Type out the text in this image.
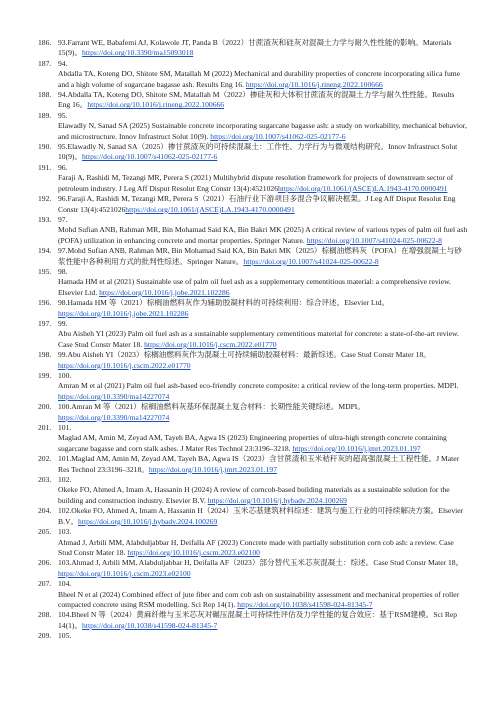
186. 93.Farrant WE, Babafemi AJ, Kolawole JT, Panda B（2022）甘蔗渣灰和硅灰对混凝土力学与耐久性性能的影响。Materials 15(9)。https://doi.org/10.3390/ma15093018
187. 94.
Abdalla TA, Koteng DO, Shitote SM, Matallah M (2022) Mechanical and durability properties of concrete incorporating silica fume and a high volume of sugarcane bagasse ash. Results Eng 16. https://doi.org/10.1016/j.rineng.2022.100666
188. 94.Abdalla TA, Koteng DO, Shitote SM, Matallah M（2022）掺硅灰和大体积甘蔗渣灰的混凝土力学与耐久性性能。Results Eng 16。https://doi.org/10.1016/j.rineng.2022.100666
189. 95.
Elawadly N, Sanad SA (2025) Sustainable concrete incorporating sugarcane bagasse ash: a study on workability, mechanical behavior, and microstructure. Innov Infrastruct Solut 10(9). https://doi.org/10.1007/s41062-025-02177-6
190. 95.Elawadly N, Sanad SA（2025）掺甘蔗渣灰的可持续混凝土：工作性、力学行为与微观结构研究。Innov Infrastruct Solut 10(9)。https://doi.org/10.1007/s41062-025-02177-6
191. 96.
Faraji A, Rashidi M, Tezangi MR, Perera S (2021) Multihybrid dispute resolution framework for projects of downstream sector of petroleum industry. J Leg Aff Disput Resolut Eng Constr 13(4):4521026https://doi.org/10.1061/(ASCE)LA.1943-4170.0000491
192. 96.Faraji A, Rashidi M, Tezangi MR, Perera S（2021）石油行业下游项目多混合争议解决框架。J Leg Aff Disput Resolut Eng Constr 13(4):4521026https://doi.org/10.1061/(ASCE)LA.1943-4170.0000491
193. 97.
Mohd Sufian ANB, Rahman MR, Bin Mohamad Said KA, Bin Bakri MK (2025) A critical review of various types of palm oil fuel ash (POFA) utilization in enhancing concrete and mortar properties. Springer Nature. https://doi.org/10.1007/s41024-025-00622-8
194. 97.Mohd Sufian ANB, Rahman MR, Bin Mohamad Said KA, Bin Bakri MK（2025）棕榈油燃料灰（POFA）在增强混凝土与砂浆性能中各种利用方式的批判性综述。Springer Nature。https://doi.org/10.1007/s41024-025-00622-8
195. 98.
Hamada HM et al (2021) Sustainable use of palm oil fuel ash as a supplementary cementitious material: a comprehensive review. Elsevier Ltd. https://doi.org/10.1016/j.jobe.2021.102286
196. 98.Hamada HM 等（2021）棕榈油燃料灰作为辅助胶凝材料的可持续利用：综合评述。Elsevier Ltd。https://doi.org/10.1016/j.jobe.2021.102286
197. 99.
Abu Aisheh YI (2023) Palm oil fuel ash as a sustainable supplementary cementitious material for concrete: a state-of-the-art review. Case Stud Constr Mater 18. https://doi.org/10.1016/j.cscm.2022.e01770
198. 99.Abu Aisheh YI（2023）棕榈油燃料灰作为混凝土可持续辅助胶凝材料：最新综述。Case Stud Constr Mater 18。https://doi.org/10.1016/j.cscm.2022.e01770
199. 100.
Amran M et al (2021) Palm oil fuel ash-based eco-friendly concrete composite: a critical review of the long-term properties. MDPI. https://doi.org/10.3390/ma14227074
200. 100.Amran M 等（2021）棕榈油燃料灰基环保混凝土复合材料：长期性能关键综述。MDPI。https://doi.org/10.3390/ma14227074
201. 101.
Maglad AM, Amin M, Zeyad AM, Tayeh BA, Agwa IS (2023) Engineering properties of ultra-high strength concrete containing sugarcane bagasse and corn stalk ashes. J Mater Res Technol 23:3196–3218. https://doi.org/10.1016/j.jmrt.2023.01.197
202. 101.Maglad AM, Amin M, Zeyad AM, Tayeh BA, Agwa IS（2023）含甘蔗渣和玉米秸秆灰的超高强混凝土工程性能。J Mater Res Technol 23:3196–3218。https://doi.org/10.1016/j.jmrt.2023.01.197
203. 102.
Okeke FO, Ahmed A, Imam A, Hassanin H (2024) A review of corncob-based building materials as a sustainable solution for the building and construction industry. Elsevier B.V. https://doi.org/10.1016/j.hybadv.2024.100269
204. 102.Okeke FO, Ahmed A, Imam A, Hassanin H（2024）玉米芯基建筑材料综述：建筑与施工行业的可持续解决方案。Elsevier B.V。https://doi.org/10.1016/j.hybadv.2024.100269
205. 103.
Ahmad J, Arbili MM, Alabduljabbar H, Deifalla AF (2023) Concrete made with partially substitution corn cob ash: a review. Case Stud Constr Mater 18. https://doi.org/10.1016/j.cscm.2023.e02100
206. 103.Ahmad J, Arbili MM, Alabduljabbar H, Deifalla AF（2023）部分替代玉米芯灰混凝土：综述。Case Stud Constr Mater 18。https://doi.org/10.1016/j.cscm.2023.e02100
207. 104.
Bheel N et al (2024) Combined effect of jute fiber and corn cob ash on sustainability assessment and mechanical properties of roller compacted concrete using RSM modelling. Sci Rep 14(1). https://doi.org/10.1038/s41598-024-81345-7
208. 104.Bheel N 等（2024）黄麻纤维与玉米芯灰对碾压混凝土可持续性评估及力学性能的复合效应：基于RSM建模。Sci Rep 14(1)。https://doi.org/10.1038/s41598-024-81345-7
209. 105.
